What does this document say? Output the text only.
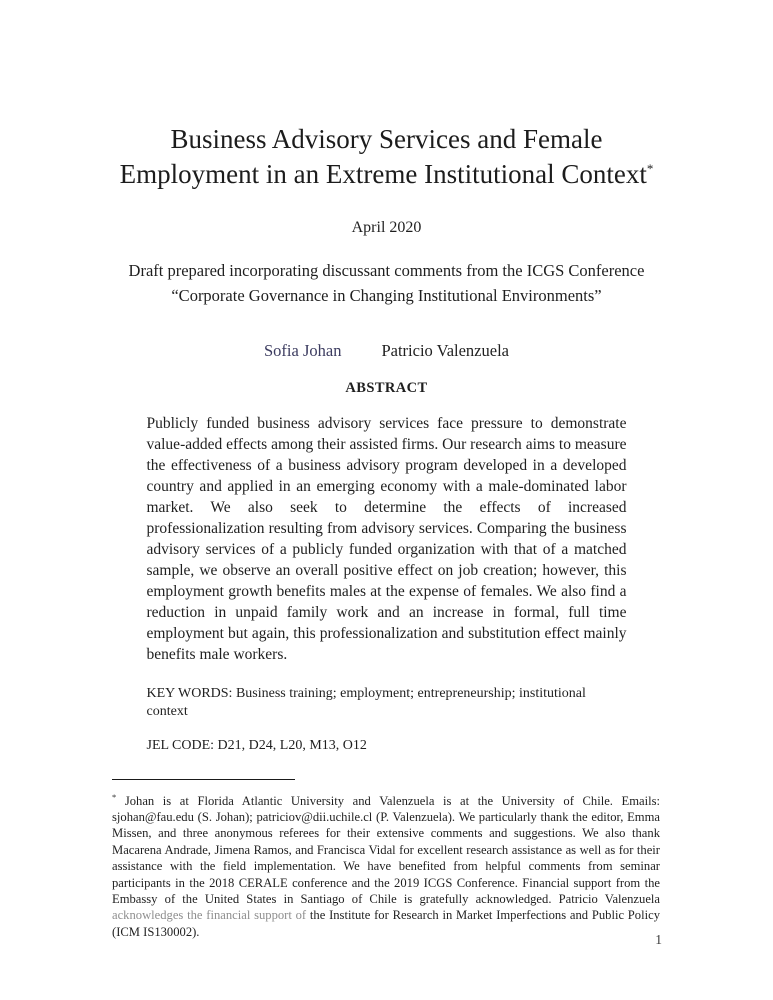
Business Advisory Services and Female Employment in an Extreme Institutional Context*
April 2020
Draft prepared incorporating discussant comments from the ICGS Conference “Corporate Governance in Changing Institutional Environments”
Sofia Johan Patricio Valenzuela
ABSTRACT

Publicly funded business advisory services face pressure to demonstrate value-added effects among their assisted firms. Our research aims to measure the effectiveness of a business advisory program developed in a developed country and applied in an emerging economy with a male-dominated labor market. We also seek to determine the effects of increased professionalization resulting from advisory services. Comparing the business advisory services of a publicly funded organization with that of a matched sample, we observe an overall positive effect on job creation; however, this employment growth benefits males at the expense of females. We also find a reduction in unpaid family work and an increase in formal, full time employment but again, this professionalization and substitution effect mainly benefits male workers.

KEY WORDS: Business training; employment; entrepreneurship; institutional context
JEL CODE: D21, D24, L20, M13, O12

* Johan is at Florida Atlantic University and Valenzuela is at the University of Chile. Emails: sjohan@fau.edu (S. Johan); patriciov@dii.uchile.cl (P. Valenzuela). We particularly thank the editor, Emma Missen, and three anonymous referees for their extensive comments and suggestions. We also thank Macarena Andrade, Jimena Ramos, and Francisca Vidal for excellent research assistance as well as for their assistance with the field implementation. We have benefited from helpful comments from seminar participants in the 2018 CERALE conference and the 2019 ICGS Conference. Financial support from the Embassy of the United States in Santiago of Chile is gratefully acknowledged. Patricio Valenzuela acknowledges the financial support of the Institute for Research in Market Imperfections and Public Policy (ICM IS130002).

1
